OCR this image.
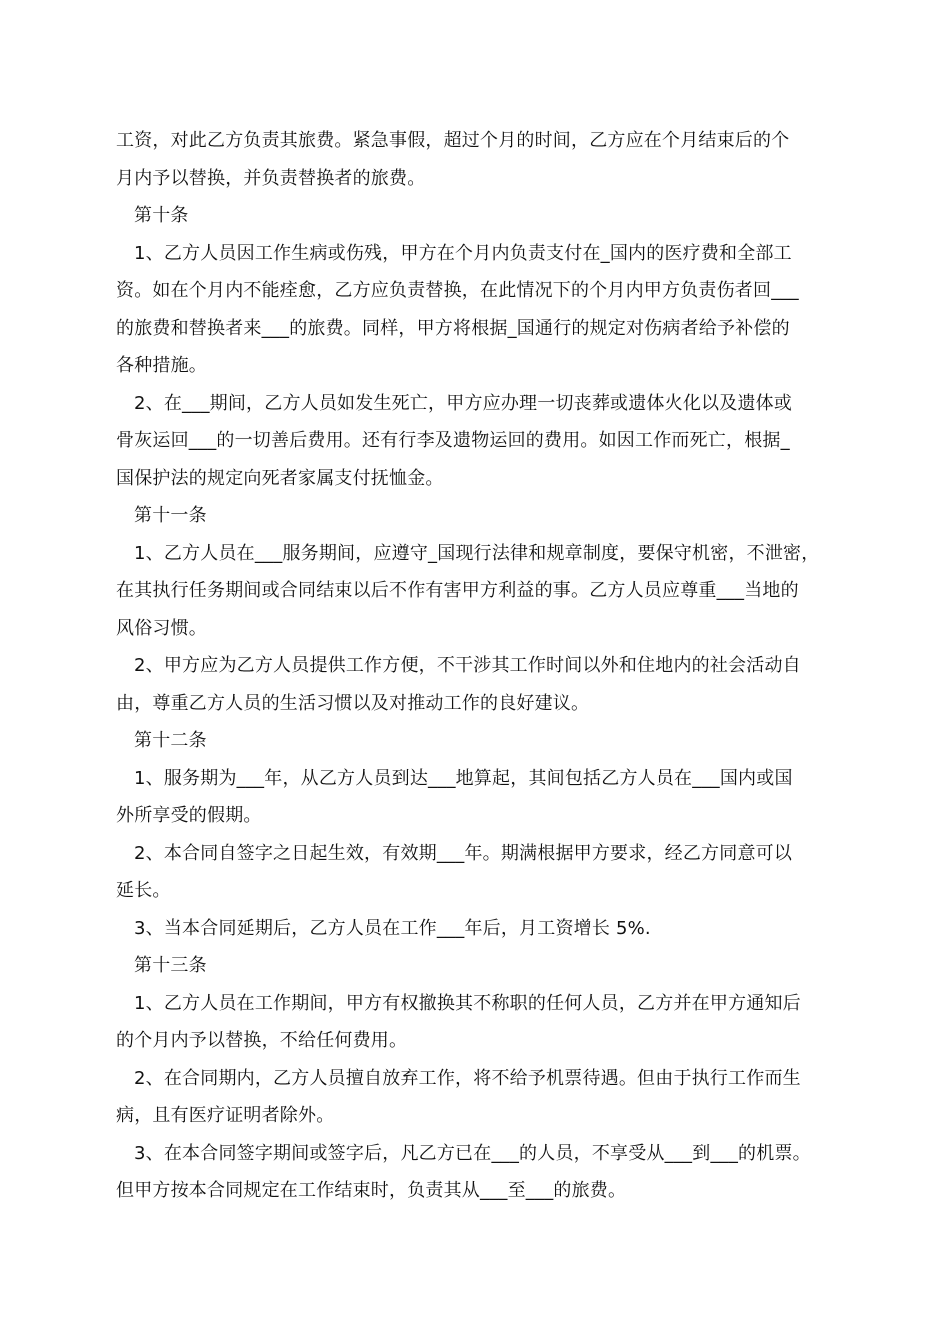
工资，对此乙方负责其旅费。紧急事假，超过个月的时间，乙方应在个月结束后的个
月内予以替换，并负责替换者的旅费。
第十条
1、乙方人员因工作生病或伤残，甲方在个月内负责支付在_国内的医疗费和全部工
资。如在个月内不能痊愈，乙方应负责替换，在此情况下的个月内甲方负责伤者回___
的旅费和替换者来___的旅费。同样，甲方将根据_国通行的规定对伤病者给予补偿的
各种措施。
2、在___期间，乙方人员如发生死亡，甲方应办理一切丧葬或遗体火化以及遗体或
骨灰运回___的一切善后费用。还有行李及遗物运回的费用。如因工作而死亡，根据_
国保护法的规定向死者家属支付抚恤金。
第十一条
1、乙方人员在___服务期间，应遵守_国现行法律和规章制度，要保守机密，不泄密，
在其执行任务期间或合同结束以后不作有害甲方利益的事。乙方人员应尊重___当地的
风俗习惯。
2、甲方应为乙方人员提供工作方便，不干涉其工作时间以外和住地内的社会活动自
由，尊重乙方人员的生活习惯以及对推动工作的良好建议。
第十二条
1、服务期为___年，从乙方人员到达___地算起，其间包括乙方人员在___国内或国
外所享受的假期。
2、本合同自签字之日起生效，有效期___年。期满根据甲方要求，经乙方同意可以
延长。
3、当本合同延期后，乙方人员在工作___年后，月工资增长 5%.
第十三条
1、乙方人员在工作期间，甲方有权撤换其不称职的任何人员，乙方并在甲方通知后
的个月内予以替换，不给任何费用。
2、在合同期内，乙方人员擅自放弃工作，将不给予机票待遇。但由于执行工作而生
病，且有医疗证明者除外。
3、在本合同签字期间或签字后，凡乙方已在___的人员，不享受从___到___的机票。
但甲方按本合同规定在工作结束时，负责其从___至___的旅费。
